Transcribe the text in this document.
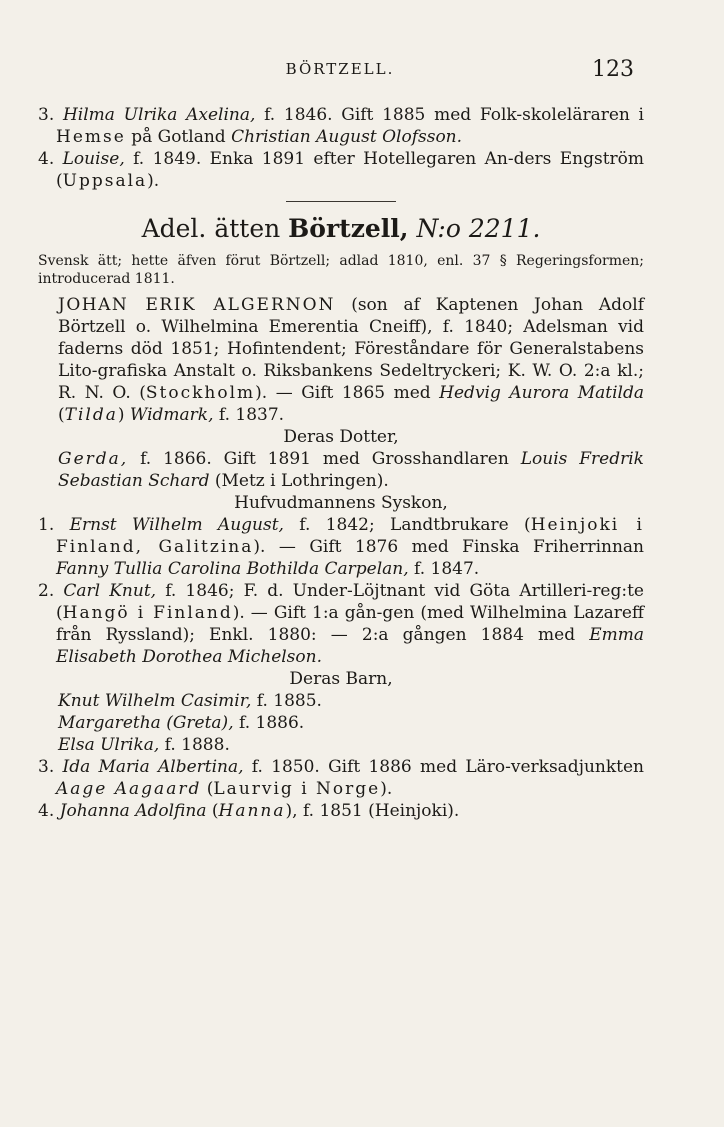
BÖRTZELL.	123

3. Hilma Ulrika Axelina, f. 1846. Gift 1885 med Folk-skoleläraren i Hemse på Gotland Christian August Olofsson.

4. Louise, f. 1849. Enka 1891 efter Hotellegaren An-ders Engström (Uppsala).

Adel. ätten Börtzell, N:o 2211.

Svensk ätt; hette äfven förut Börtzell; adlad 1810, enl. 37 § Regeringsformen; introducerad 1811.

JOHAN ERIK ALGERNON (son af Kaptenen Johan Adolf Börtzell o. Wilhelmina Emerentia Cneiff), f. 1840; Adelsman vid faderns död 1851; Hofintendent; Föreståndare för Generalstabens Lito-grafiska Anstalt o. Riksbankens Sedeltryckeri; K. W. O. 2:a kl.; R. N. O. (Stockholm). — Gift 1865 med Hedvig Aurora Matilda (Tilda) Widmark, f. 1837.

Deras Dotter,

Gerda, f. 1866. Gift 1891 med Grosshandlaren Louis Fredrik Sebastian Schard (Metz i Lothringen).

Hufvudmannens Syskon,

1. Ernst Wilhelm August, f. 1842; Landtbrukare (Heinjoki i Finland, Galitzina). — Gift 1876 med Finska Friherrinnan Fanny Tullia Carolina Bothilda Carpelan, f. 1847.

2. Carl Knut, f. 1846; F. d. Under-Löjtnant vid Göta Artilleri-reg:te (Hangö i Finland). — Gift 1:a gån-gen (med Wilhelmina Lazareff från Ryssland); Enkl. 1880: — 2:a gången 1884 med Emma Elisabeth Dorothea Michelson.

Deras Barn,

Knut Wilhelm Casimir, f. 1885.

Margaretha (Greta), f. 1886.

Elsa Ulrika, f. 1888.

3. Ida Maria Albertina, f. 1850. Gift 1886 med Läro-verksadjunkten Aage Aagaard (Laurvig i Norge).

4. Johanna Adolfina (Hanna), f. 1851 (Heinjoki).
